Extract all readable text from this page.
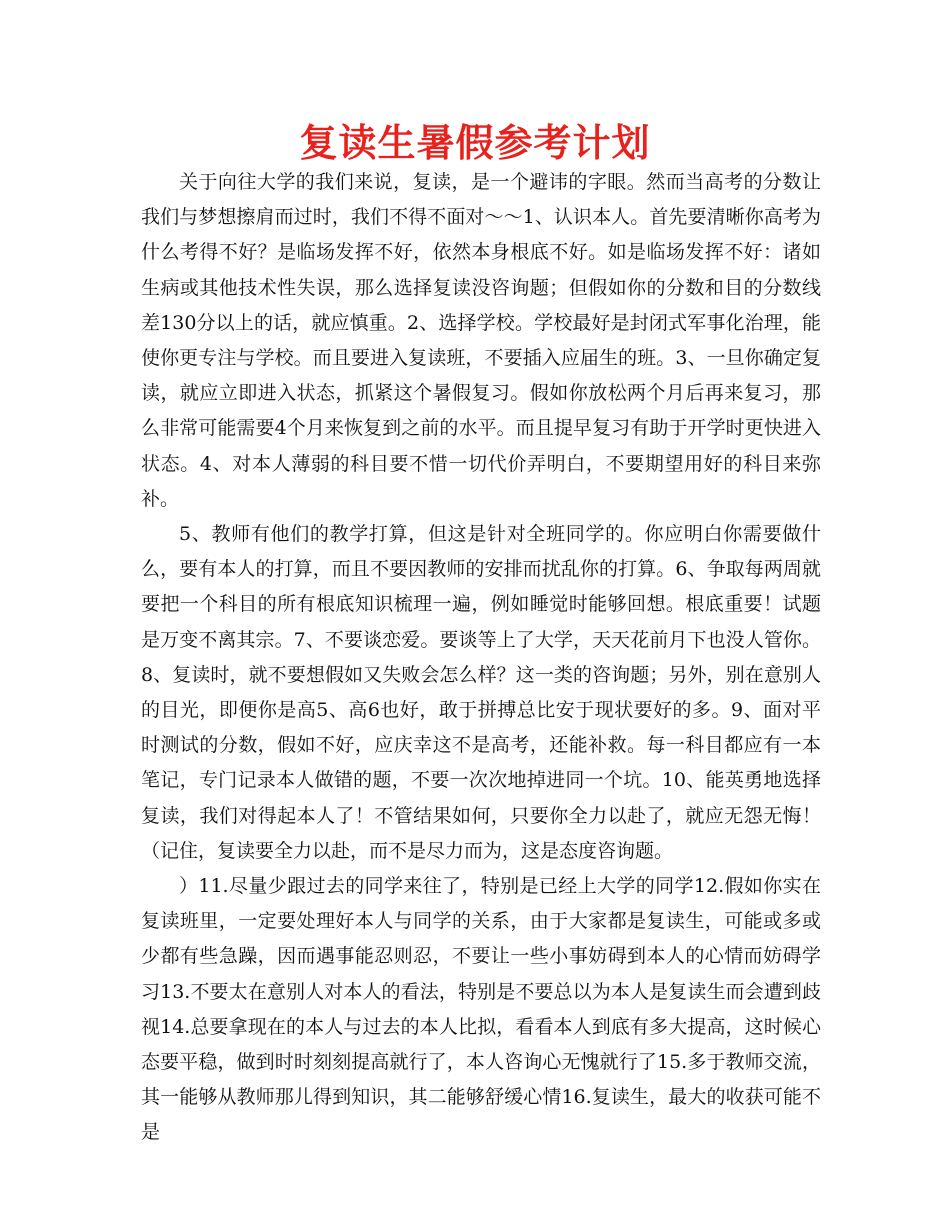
复读生暑假参考计划

关于向往大学的我们来说，复读，是一个避讳的字眼。然而当高考的分数让我们与梦想擦肩而过时，我们不得不面对～～1、认识本人。首先要清晰你高考为什么考得不好？是临场发挥不好，依然本身根底不好。如是临场发挥不好：诸如生病或其他技术性失误，那么选择复读没咨询题；但假如你的分数和目的分数线差130分以上的话，就应慎重。2、选择学校。学校最好是封闭式军事化治理，能使你更专注与学校。而且要进入复读班，不要插入应届生的班。3、一旦你确定复读，就应立即进入状态，抓紧这个暑假复习。假如你放松两个月后再来复习，那么非常可能需要4个月来恢复到之前的水平。而且提早复习有助于开学时更快进入状态。4、对本人薄弱的科目要不惜一切代价弄明白，不要期望用好的科目来弥补。

5、教师有他们的教学打算，但这是针对全班同学的。你应明白你需要做什么，要有本人的打算，而且不要因教师的安排而扰乱你的打算。6、争取每两周就要把一个科目的所有根底知识梳理一遍，例如睡觉时能够回想。根底重要！试题是万变不离其宗。7、不要谈恋爱。要谈等上了大学，天天花前月下也没人管你。8、复读时，就不要想假如又失败会怎么样？这一类的咨询题；另外，别在意别人的目光，即便你是高5、高6也好，敢于拼搏总比安于现状要好的多。9、面对平时测试的分数，假如不好，应庆幸这不是高考，还能补救。每一科目都应有一本笔记，专门记录本人做错的题，不要一次次地掉进同一个坑。10、能英勇地选择复读，我们对得起本人了！不管结果如何，只要你全力以赴了，就应无怨无悔！（记住，复读要全力以赴，而不是尽力而为，这是态度咨询题。

）11.尽量少跟过去的同学来往了，特别是已经上大学的同学12.假如你实在复读班里，一定要处理好本人与同学的关系，由于大家都是复读生，可能或多或少都有些急躁，因而遇事能忍则忍，不要让一些小事妨碍到本人的心情而妨碍学习13.不要太在意别人对本人的看法，特别是不要总以为本人是复读生而会遭到歧视14.总要拿现在的本人与过去的本人比拟，看看本人到底有多大提高，这时候心态要平稳，做到时时刻刻提高就行了，本人咨询心无愧就行了15.多于教师交流，其一能够从教师那儿得到知识，其二能够舒缓心情16.复读生，最大的收获可能不是
